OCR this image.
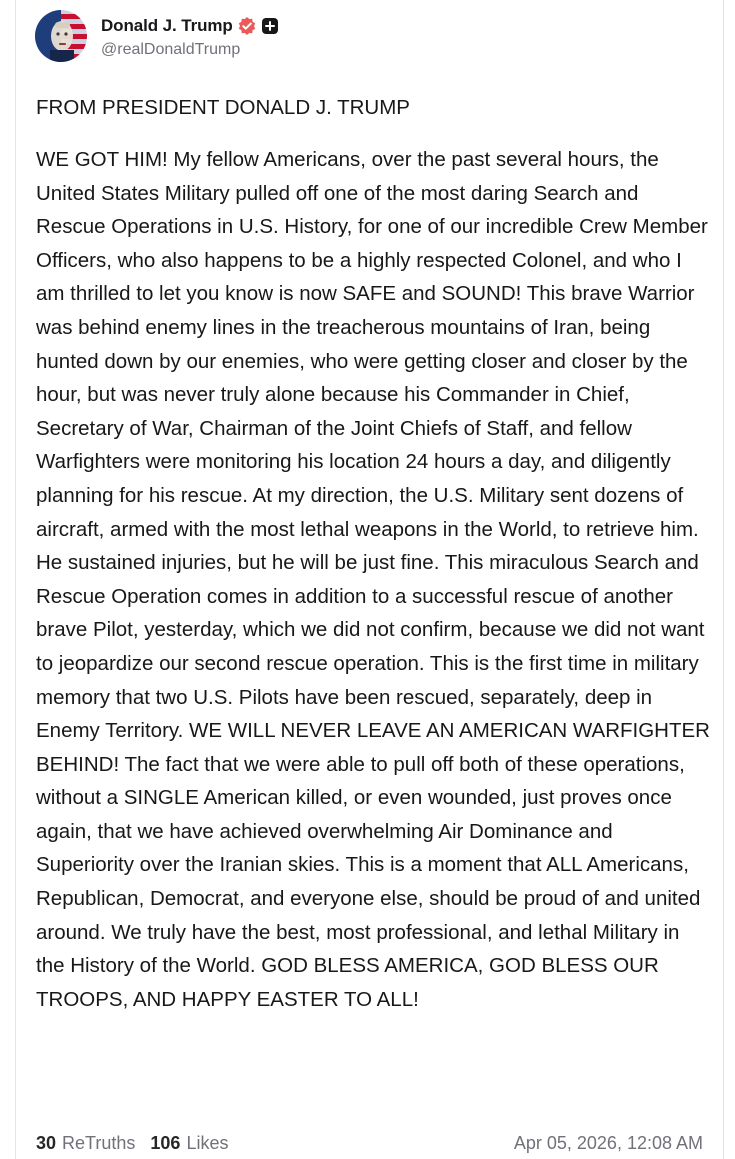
Donald J. Trump
@realDonaldTrump

FROM PRESIDENT DONALD J. TRUMP

WE GOT HIM! My fellow Americans, over the past several hours, the United States Military pulled off one of the most daring Search and Rescue Operations in U.S. History, for one of our incredible Crew Member Officers, who also happens to be a highly respected Colonel, and who I am thrilled to let you know is now SAFE and SOUND! This brave Warrior was behind enemy lines in the treacherous mountains of Iran, being hunted down by our enemies, who were getting closer and closer by the hour, but was never truly alone because his Commander in Chief, Secretary of War, Chairman of the Joint Chiefs of Staff, and fellow Warfighters were monitoring his location 24 hours a day, and diligently planning for his rescue. At my direction, the U.S. Military sent dozens of aircraft, armed with the most lethal weapons in the World, to retrieve him. He sustained injuries, but he will be just fine. This miraculous Search and Rescue Operation comes in addition to a successful rescue of another brave Pilot, yesterday, which we did not confirm, because we did not want to jeopardize our second rescue operation. This is the first time in military memory that two U.S. Pilots have been rescued, separately, deep in Enemy Territory. WE WILL NEVER LEAVE AN AMERICAN WARFIGHTER BEHIND! The fact that we were able to pull off both of these operations, without a SINGLE American killed, or even wounded, just proves once again, that we have achieved overwhelming Air Dominance and Superiority over the Iranian skies. This is a moment that ALL Americans, Republican, Democrat, and everyone else, should be proud of and united around. We truly have the best, most professional, and lethal Military in the History of the World. GOD BLESS AMERICA, GOD BLESS OUR TROOPS, AND HAPPY EASTER TO ALL!

30 ReTruths 106 Likes	Apr 05, 2026, 12:08 AM
